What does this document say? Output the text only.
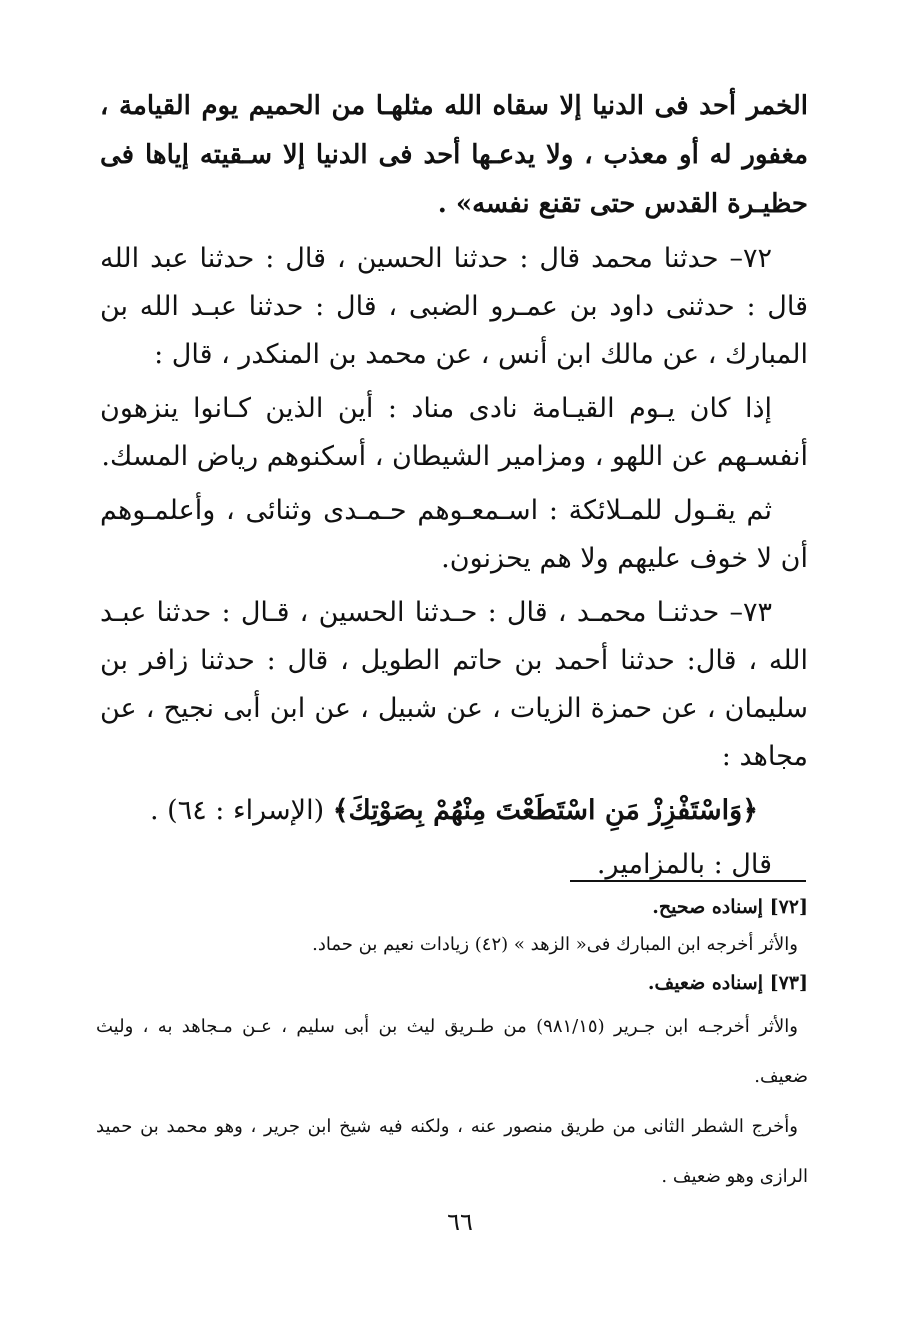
الخمر أحد فى الدنيا إلا سقاه الله مثلهـا من الحميم يوم القيامة ، مغفور له أو معذب ، ولا يدعـها أحد فى الدنيا إلا سـقيته إياها فى حظيـرة القدس حتى تقنع نفسه» .

٧٢– حدثنا محمد قال : حدثنا الحسين ، قال : حدثنا عبد الله قال : حدثنى داود بن عمـرو الضبى ، قال : حدثنا عبـد الله بن المبارك ، عن مالك ابن أنس ، عن محمد بن المنكدر ، قال :

إذا كان يـوم القيـامة نادى مناد : أين الذين كـانوا ينزهون أنفسـهم عن اللهو ، ومزامير الشيطان ، أسكنوهم رياض المسك.

ثم يقـول للمـلائكة : اسـمعـوهم حـمـدى وثنائى ، وأعلمـوهم أن لا خوف عليهم ولا هم يحزنون.

٧٣– حدثنـا محمـد ، قال : حـدثنا الحسين ، قـال : حدثنا عبـد الله ، قال: حدثنا أحمد بن حاتم الطويل ، قال : حدثنا زافر بن سليمان ، عن حمزة الزيات ، عن شبيل ، عن ابن أبى نجيح ، عن مجاهد :

﴿وَاسْتَفْزِزْ مَنِ اسْتَطَعْتَ مِنْهُمْ بِصَوْتِكَ﴾ (الإسراء : ٦٤) .

قال : بالمزامير.

[٧٢] إسناده صحيح.

والأثر أخرجه ابن المبارك فى« الزهد » (٤٢) زيادات نعيم بن حماد.

[٧٣] إسناده ضعيف.

والأثر أخرجـه ابن جـرير (٩٨١/١٥) من طـريق ليث بن أبى سليم ، عـن مـجاهد به ، وليث ضعيف.

وأخرج الشطر الثانى من طريق منصور عنه ، ولكنه فيه شيخ ابن جرير ، وهو محمد بن حميد الرازى وهو ضعيف .

٦٦
